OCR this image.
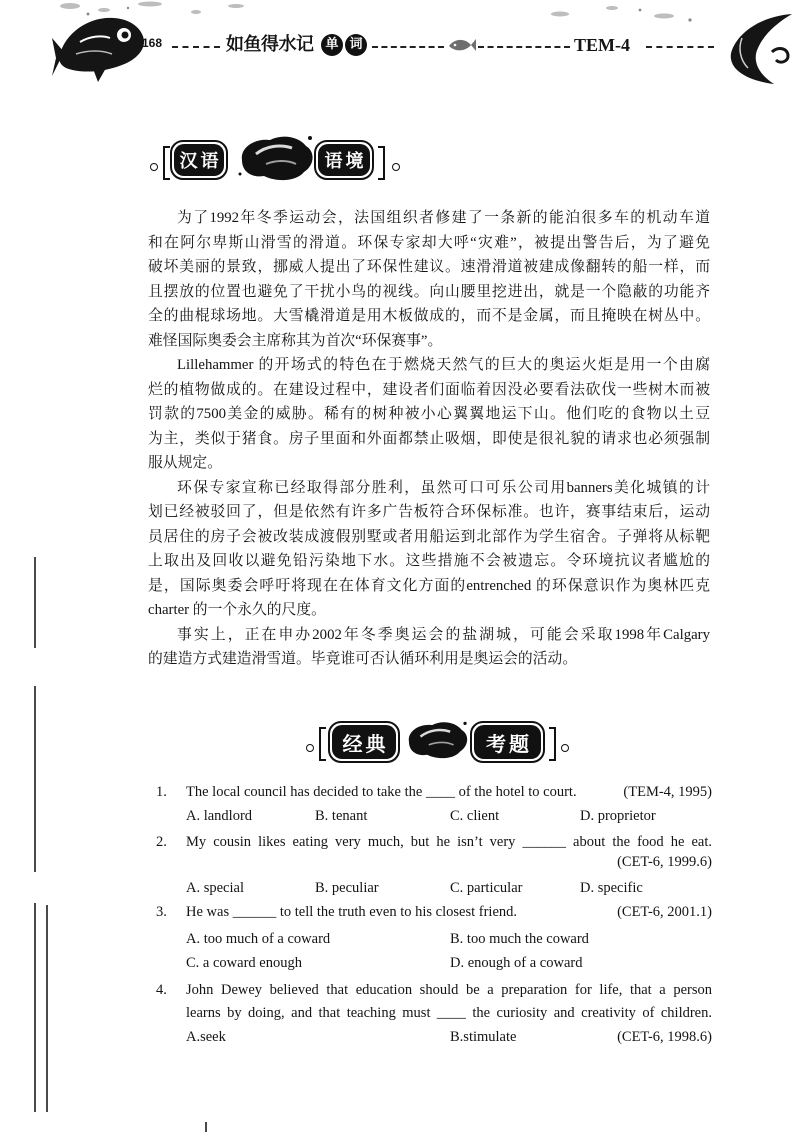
168	如鱼得水记 单 词	TEM-4
汉语	语境
为了1992年冬季运动会，法国组织者修建了一条新的能泊很多车的机动车道
和在阿尔卑斯山滑雪的滑道。环保专家却大呼“灾难”，被提出警告后，为了避免
破坏美丽的景致，挪威人提出了环保性建议。速滑滑道被建成像翻转的船一样，而
且摆放的位置也避免了干扰小鸟的视线。向山腰里挖进出，就是一个隐蔽的功能齐
全的曲棍球场地。大雪橇滑道是用木板做成的，而不是金属，而且掩映在树丛中。
难怪国际奥委会主席称其为首次“环保赛事”。
Lillehammer 的开场式的特色在于燃烧天然气的巨大的奥运火炬是用一个由腐
烂的植物做成的。在建设过程中，建设者们面临着因没必要看法砍伐一些树木而被
罚款的7500美金的威胁。稀有的树种被小心翼翼地运下山。他们吃的食物以土豆
为主，类似于猪食。房子里面和外面都禁止吸烟，即使是很礼貌的请求也必须强制
服从规定。
环保专家宣称已经取得部分胜利，虽然可口可乐公司用banners美化城镇的计
划已经被驳回了，但是依然有许多广告板符合环保标准。也许，赛事结束后，运动
员居住的房子会被改装成渡假别墅或者用船运到北部作为学生宿舍。子弹将从标靶
上取出及回收以避免铅污染地下水。这些措施不会被遗忘。令环境抗议者尴尬的
是，国际奥委会呼吁将现在在体育文化方面的entrenched 的环保意识作为奥林匹克
charter 的一个永久的尺度。
事实上，正在申办2002年冬季奥运会的盐湖城，可能会采取1998年Calgary
的建造方式建造滑雪道。毕竟谁可否认循环利用是奥运会的活动。
经典	考题
1. The local council has decided to take the ____ of the hotel to court.	(TEM-4, 1995)
A. landlord	B. tenant	C. client	D. proprietor
2. My cousin likes eating very much, but he isn’t very ______ about the food he eat.
(CET-6, 1999.6)
A. special	B. peculiar	C. particular	D. specific
3. He was ______ to tell the truth even to his closest friend.	(CET-6, 2001.1)
A. too much of a coward	B. too much the coward
C. a coward enough	D. enough of a coward
4. John Dewey believed that education should be a preparation for life, that a person
learns by doing, and that teaching must ____ the curiosity and creativity of children.
A.seek	B.stimulate	(CET-6, 1998.6)
